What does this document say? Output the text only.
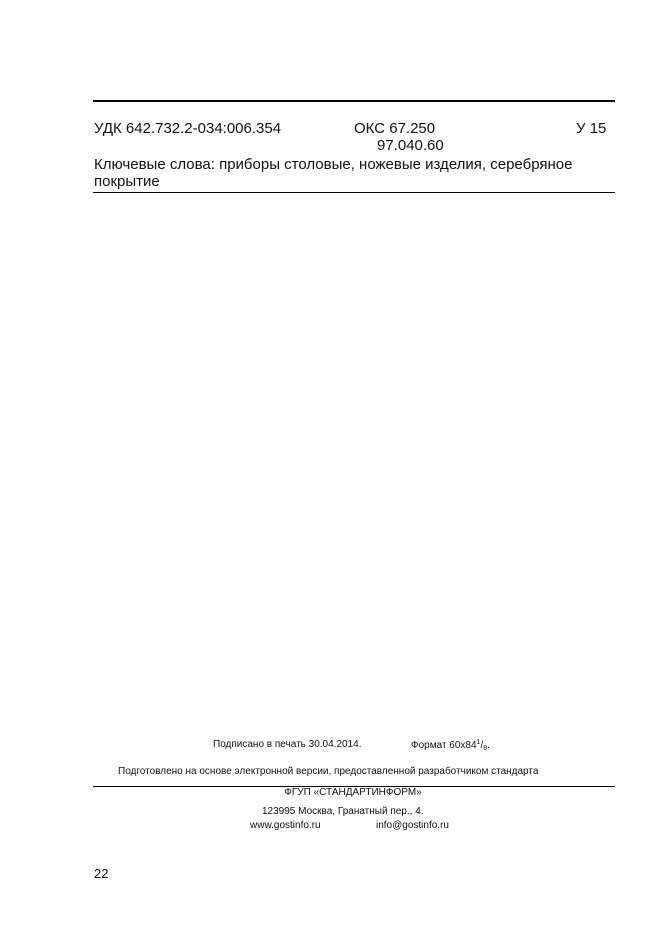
УДК 642.732.2-034:006.354	ОКС 67.250
97.040.60
У 15
Ключевые слова: приборы столовые, ножевые изделия, серебряное
покрытие
Подписано в печать 30.04.2014.	Формат $60x84^1/_8$.
Подготовлено на основе электронной версии, предоставленной разработчиком стандарта
ФГУП «СТАНДАРТИНФОРМ»
123995 Москва, Гранатный пер., 4.
www.gostinfo.ru	info@gostinfo.ru
22
